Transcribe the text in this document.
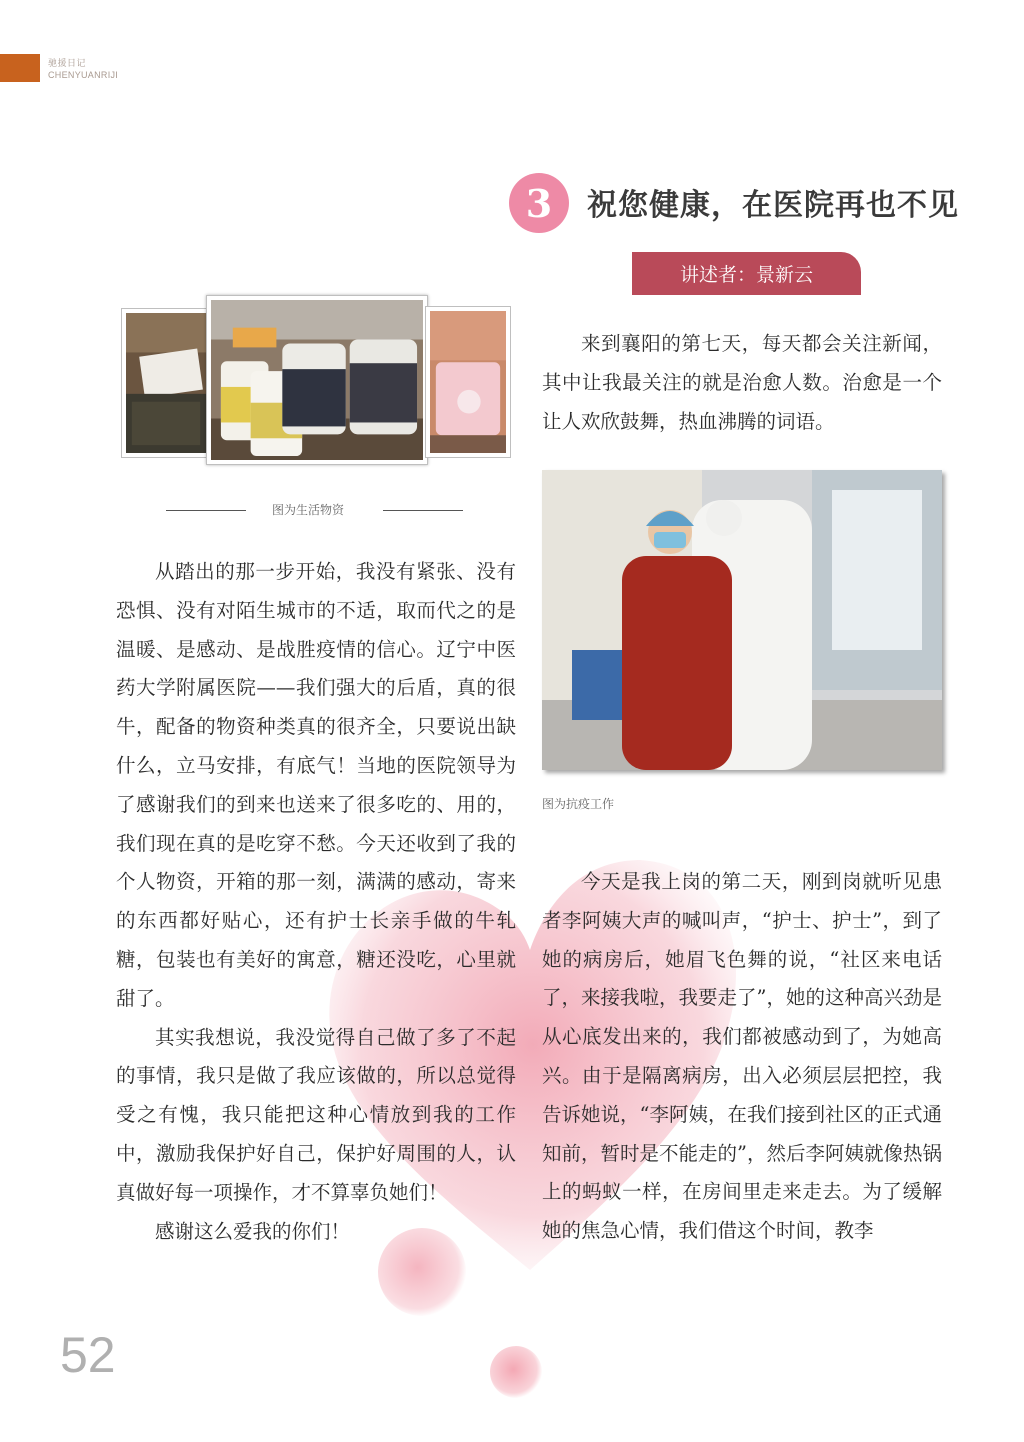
驰援日记
CHENYUANRIJI
3	祝您健康，在医院再也不见
讲述者：景新云
图为生活物资
图为抗疫工作

从踏出的那一步开始，我没有紧张、没有恐惧、没有对陌生城市的不适，取而代之的是温暖、是感动、是战胜疫情的信心。辽宁中医药大学附属医院——我们强大的后盾，真的很牛，配备的物资种类真的很齐全，只要说出缺什么，立马安排，有底气！当地的医院领导为了感谢我们的到来也送来了很多吃的、用的，我们现在真的是吃穿不愁。今天还收到了我的个人物资，开箱的那一刻，满满的感动，寄来的东西都好贴心，还有护士长亲手做的牛轧糖，包装也有美好的寓意，糖还没吃，心里就甜了。

其实我想说，我没觉得自己做了多了不起的事情，我只是做了我应该做的，所以总觉得受之有愧，我只能把这种心情放到我的工作中，激励我保护好自己，保护好周围的人，认真做好每一项操作，才不算辜负她们！

感谢这么爱我的你们！

来到襄阳的第七天，每天都会关注新闻，其中让我最关注的就是治愈人数。治愈是一个让人欢欣鼓舞，热血沸腾的词语。

今天是我上岗的第二天，刚到岗就听见患者李阿姨大声的喊叫声，“护士、护士”，到了她的病房后，她眉飞色舞的说，“社区来电话了，来接我啦，我要走了”，她的这种高兴劲是从心底发出来的，我们都被感动到了，为她高兴。由于是隔离病房，出入必须层层把控，我告诉她说，“李阿姨，在我们接到社区的正式通知前，暂时是不能走的”，然后李阿姨就像热锅上的蚂蚁一样，在房间里走来走去。为了缓解她的焦急心情，我们借这个时间，教李

52
